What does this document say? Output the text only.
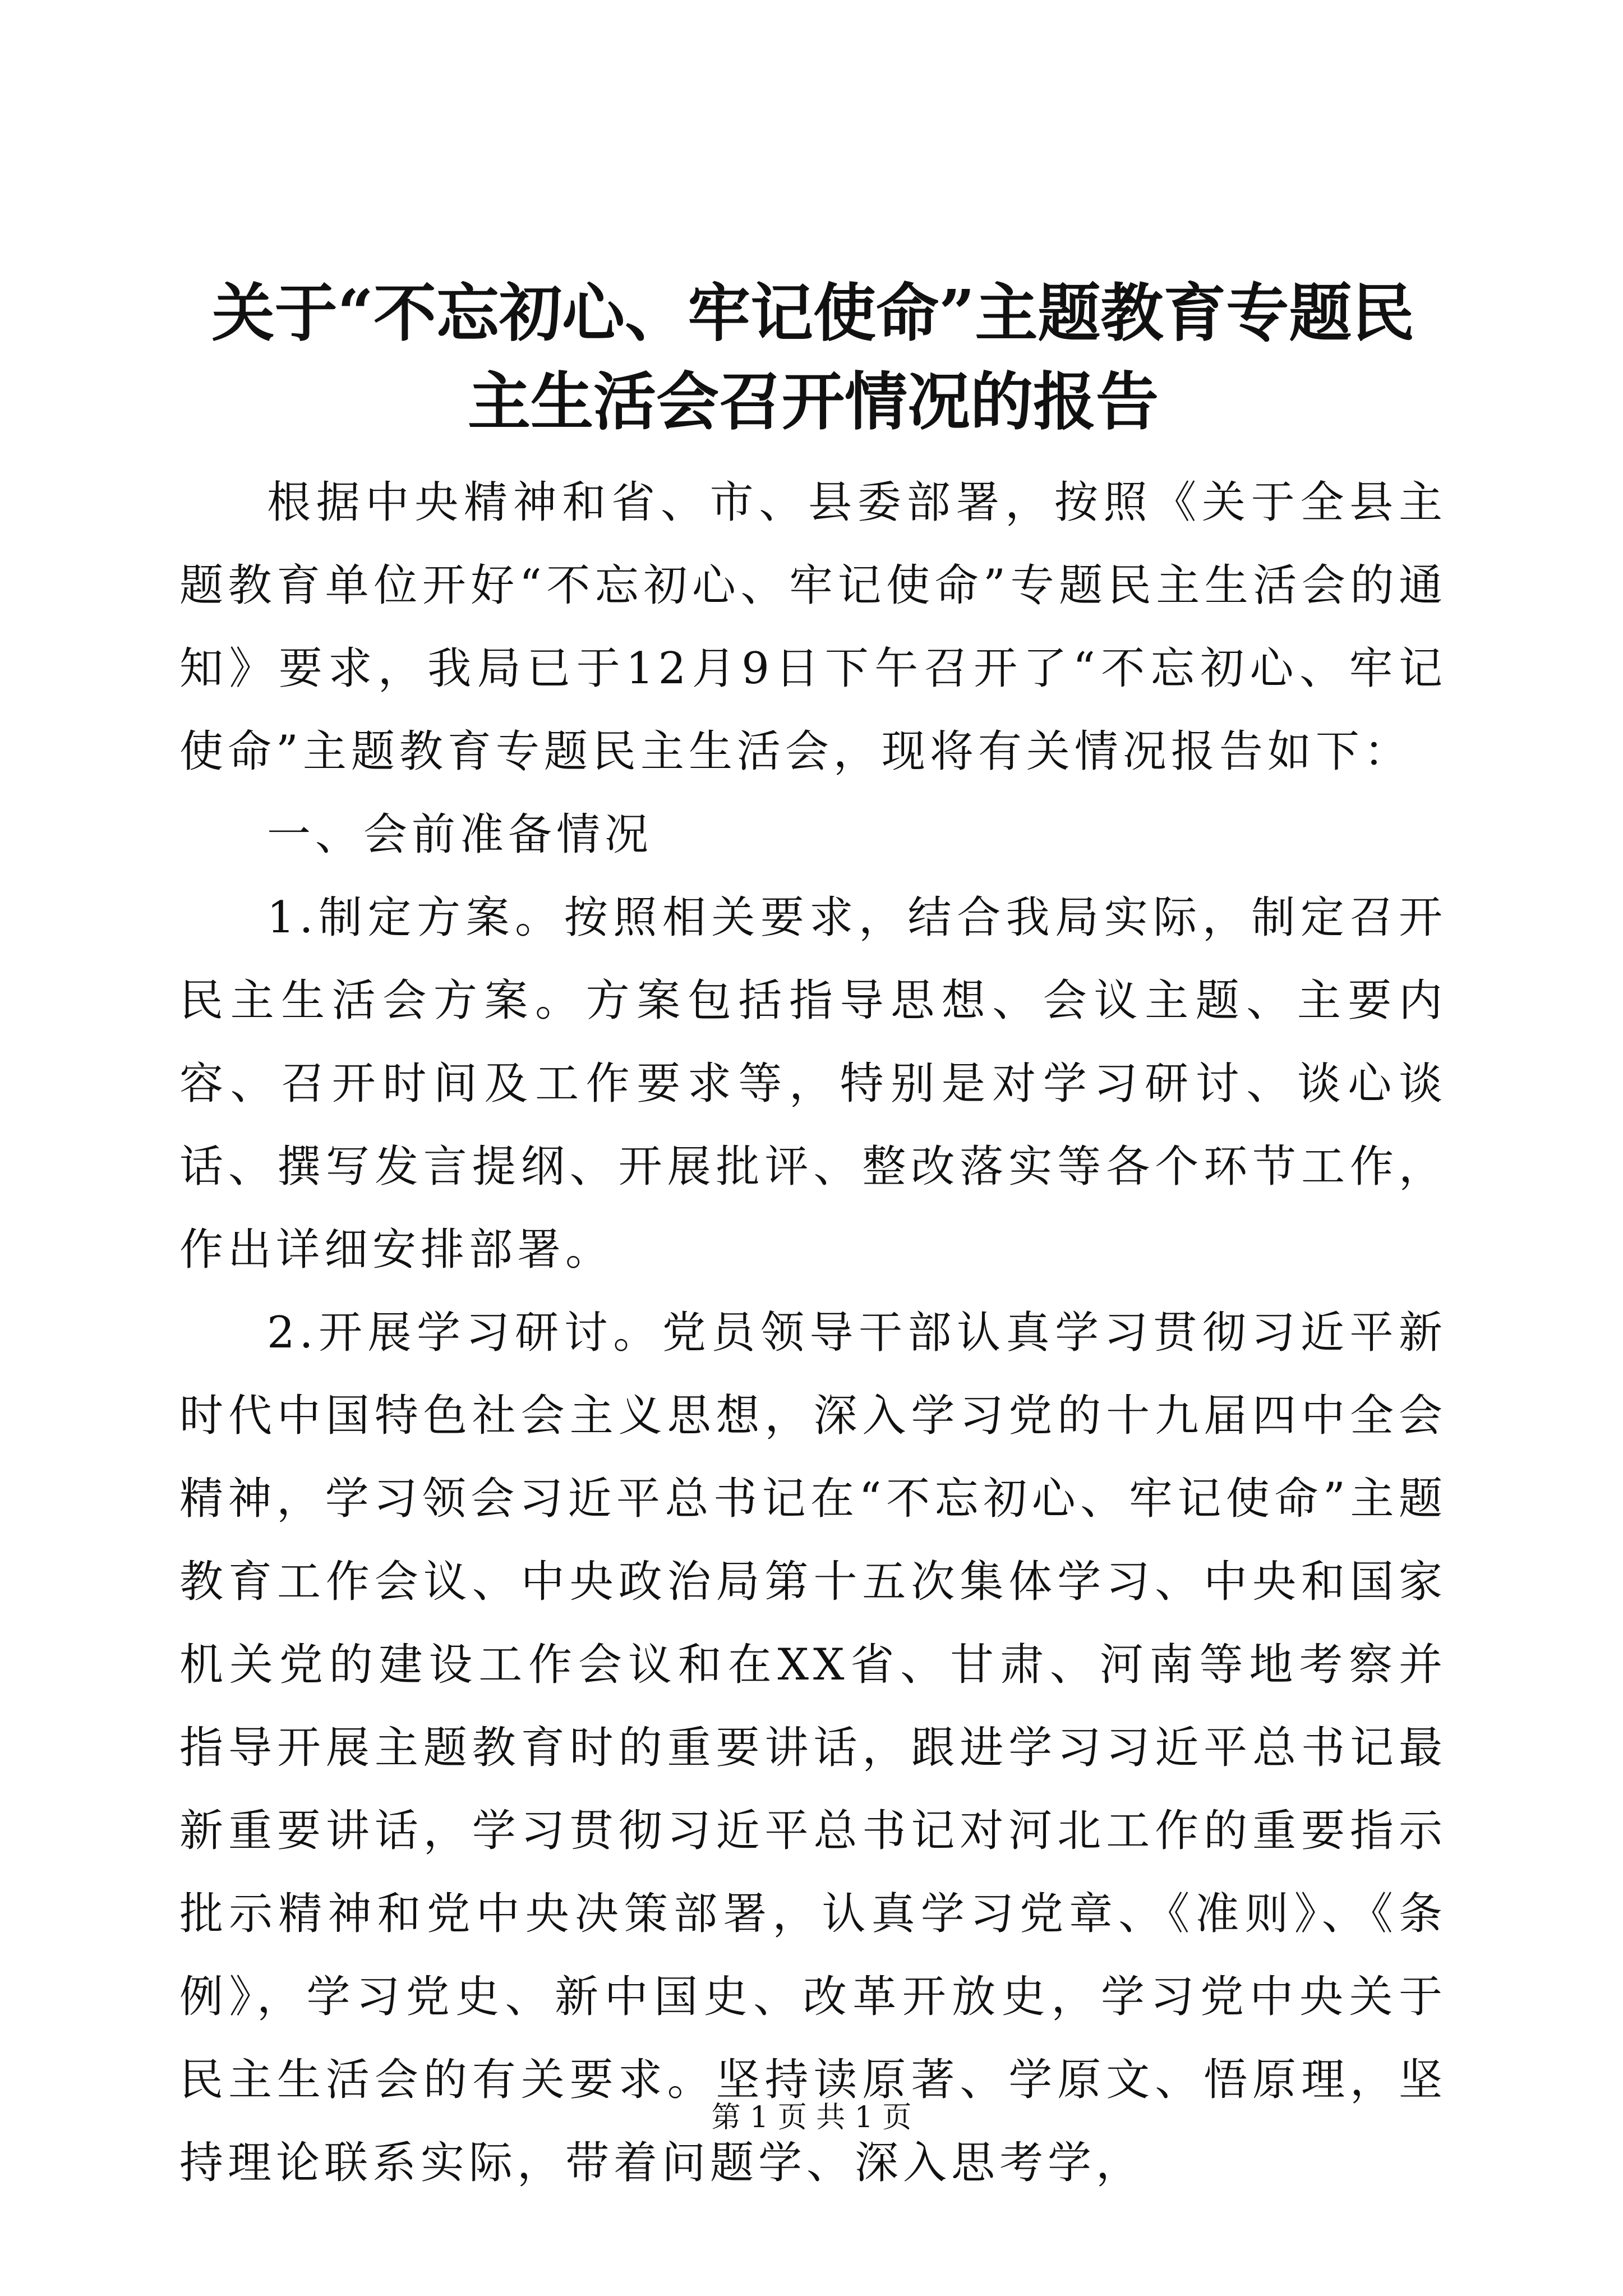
关于“不忘初心、牢记使命”主题教育专题民
主生活会召开情况的报告

根据中央精神和省、市、县委部署，按照《关于全县主题教育单位开好“不忘初心、牢记使命”专题民主生活会的通知》要求，我局已于12月9日下午召开了“不忘初心、牢记使命”主题教育专题民主生活会，现将有关情况报告如下：

一、会前准备情况

1.制定方案。按照相关要求，结合我局实际，制定召开民主生活会方案。方案包括指导思想、会议主题、主要内容、召开时间及工作要求等，特别是对学习研讨、谈心谈话、撰写发言提纲、开展批评、整改落实等各个环节工作，作出详细安排部署。

2.开展学习研讨。党员领导干部认真学习贯彻习近平新时代中国特色社会主义思想，深入学习党的十九届四中全会精神，学习领会习近平总书记在“不忘初心、牢记使命”主题教育工作会议、中央政治局第十五次集体学习、中央和国家机关党的建设工作会议和在XX省、甘肃、河南等地考察并指导开展主题教育时的重要讲话，跟进学习习近平总书记最新重要讲话，学习贯彻习近平总书记对河北工作的重要指示批示精神和党中央决策部署，认真学习党章、《准则》、《条例》，学习党史、新中国史、改革开放史，学习党中央关于民主生活会的有关要求。坚持读原著、学原文、悟原理，坚持理论联系实际，带着问题学、深入思考学，

第 1 页 共 1 页
